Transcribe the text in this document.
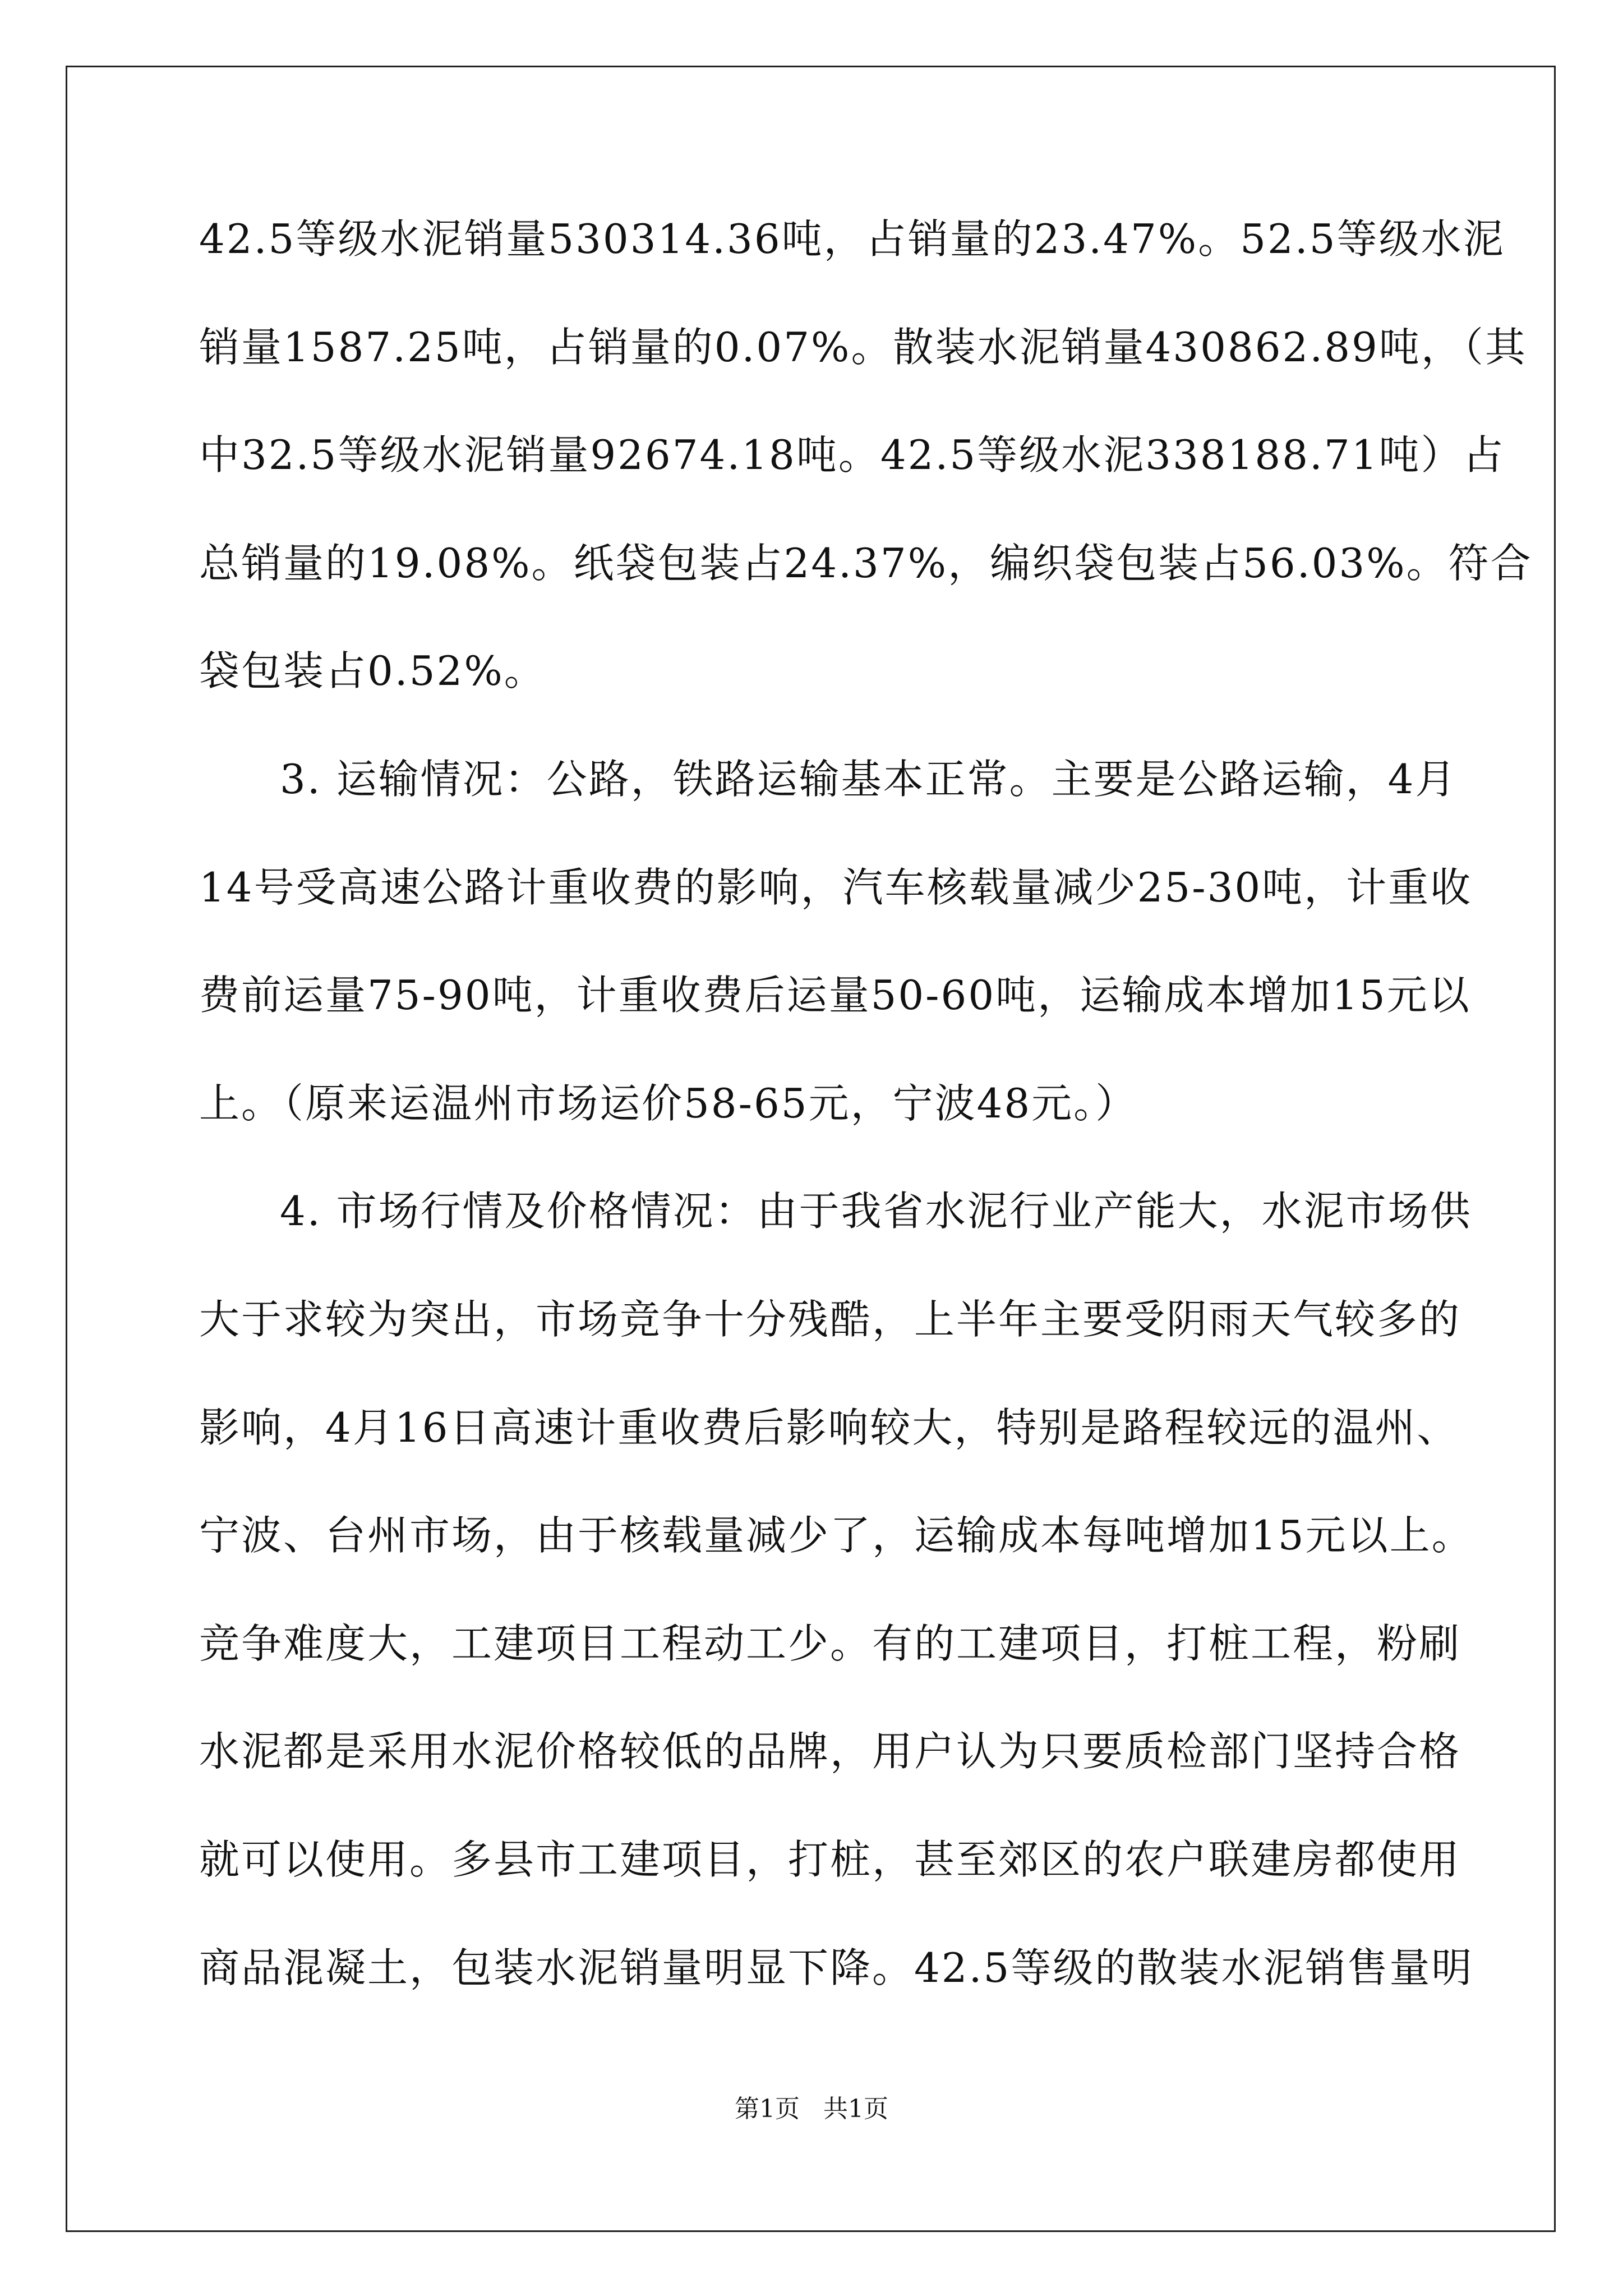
42.5等级水泥销量530314.36吨，占销量的23.47%。52.5等级水泥
销量1587.25吨，占销量的0.07%。散装水泥销量430862.89吨，（其
中32.5等级水泥销量92674.18吨。42.5等级水泥338188.71吨）占
总销量的19.08%。纸袋包装占24.37%，编织袋包装占56.03%。符合
袋包装占0.52%。
3. 运输情况：公路，铁路运输基本正常。主要是公路运输，4月
14号受高速公路计重收费的影响，汽车核载量减少25-30吨，计重收
费前运量75-90吨，计重收费后运量50-60吨，运输成本增加15元以
上。（原来运温州市场运价58-65元，宁波48元。）
4. 市场行情及价格情况：由于我省水泥行业产能大，水泥市场供
大于求较为突出，市场竞争十分残酷，上半年主要受阴雨天气较多的
影响，4月16日高速计重收费后影响较大，特别是路程较远的温州、
宁波、台州市场，由于核载量减少了，运输成本每吨增加15元以上。
竞争难度大，工建项目工程动工少。有的工建项目，打桩工程，粉刷
水泥都是采用水泥价格较低的品牌，用户认为只要质检部门坚持合格
就可以使用。多县市工建项目，打桩，甚至郊区的农户联建房都使用
商品混凝土，包装水泥销量明显下降。42.5等级的散装水泥销售量明
第1页   共1页
